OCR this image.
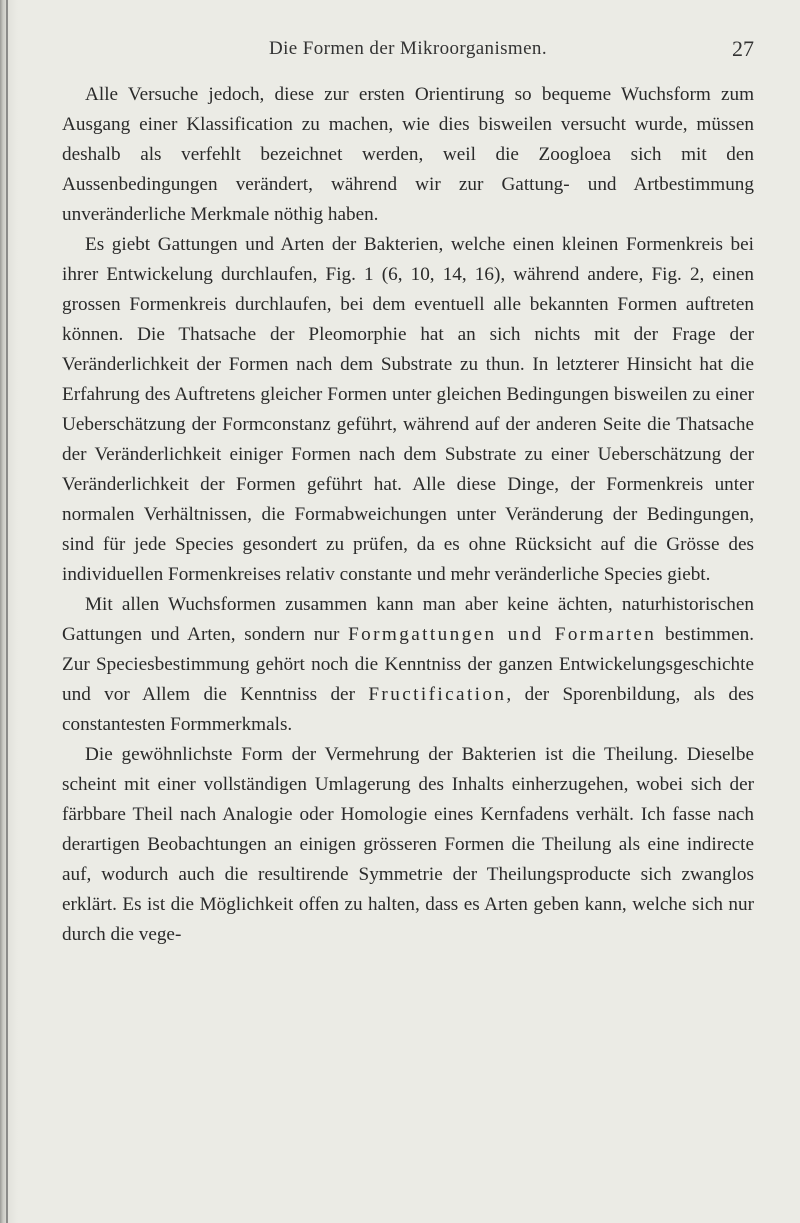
Die Formen der Mikroorganismen.	27

Alle Versuche jedoch, diese zur ersten Orientirung so bequeme Wuchsform zum Ausgang einer Klassification zu machen, wie dies bisweilen versucht wurde, müssen deshalb als verfehlt bezeichnet werden, weil die Zoogloea sich mit den Aussenbedingungen verändert, während wir zur Gattung- und Artbestimmung unveränderliche Merkmale nöthig haben.

Es giebt Gattungen und Arten der Bakterien, welche einen kleinen Formenkreis bei ihrer Entwickelung durchlaufen, Fig. 1 (6, 10, 14, 16), während andere, Fig. 2, einen grossen Formenkreis durchlaufen, bei dem eventuell alle bekannten Formen auftreten können. Die Thatsache der Pleomorphie hat an sich nichts mit der Frage der Veränderlichkeit der Formen nach dem Substrate zu thun. In letzterer Hinsicht hat die Erfahrung des Auftretens gleicher Formen unter gleichen Bedingungen bisweilen zu einer Ueberschätzung der Formconstanz geführt, während auf der anderen Seite die Thatsache der Veränderlichkeit einiger Formen nach dem Substrate zu einer Ueberschätzung der Veränderlichkeit der Formen geführt hat. Alle diese Dinge, der Formenkreis unter normalen Verhältnissen, die Formabweichungen unter Veränderung der Bedingungen, sind für jede Species gesondert zu prüfen, da es ohne Rücksicht auf die Grösse des individuellen Formenkreises relativ constante und mehr veränderliche Species giebt.

Mit allen Wuchsformen zusammen kann man aber keine ächten, naturhistorischen Gattungen und Arten, sondern nur Formgattungen und Formarten bestimmen. Zur Speciesbestimmung gehört noch die Kenntniss der ganzen Entwickelungsgeschichte und vor Allem die Kenntniss der Fructification, der Sporenbildung, als des constantesten Formmerkmals.

Die gewöhnlichste Form der Vermehrung der Bakterien ist die Theilung. Dieselbe scheint mit einer vollständigen Umlagerung des Inhalts einherzugehen, wobei sich der färbbare Theil nach Analogie oder Homologie eines Kernfadens verhält. Ich fasse nach derartigen Beobachtungen an einigen grösseren Formen die Theilung als eine indirecte auf, wodurch auch die resultirende Symmetrie der Theilungsproducte sich zwanglos erklärt. Es ist die Möglichkeit offen zu halten, dass es Arten geben kann, welche sich nur durch die vege-
